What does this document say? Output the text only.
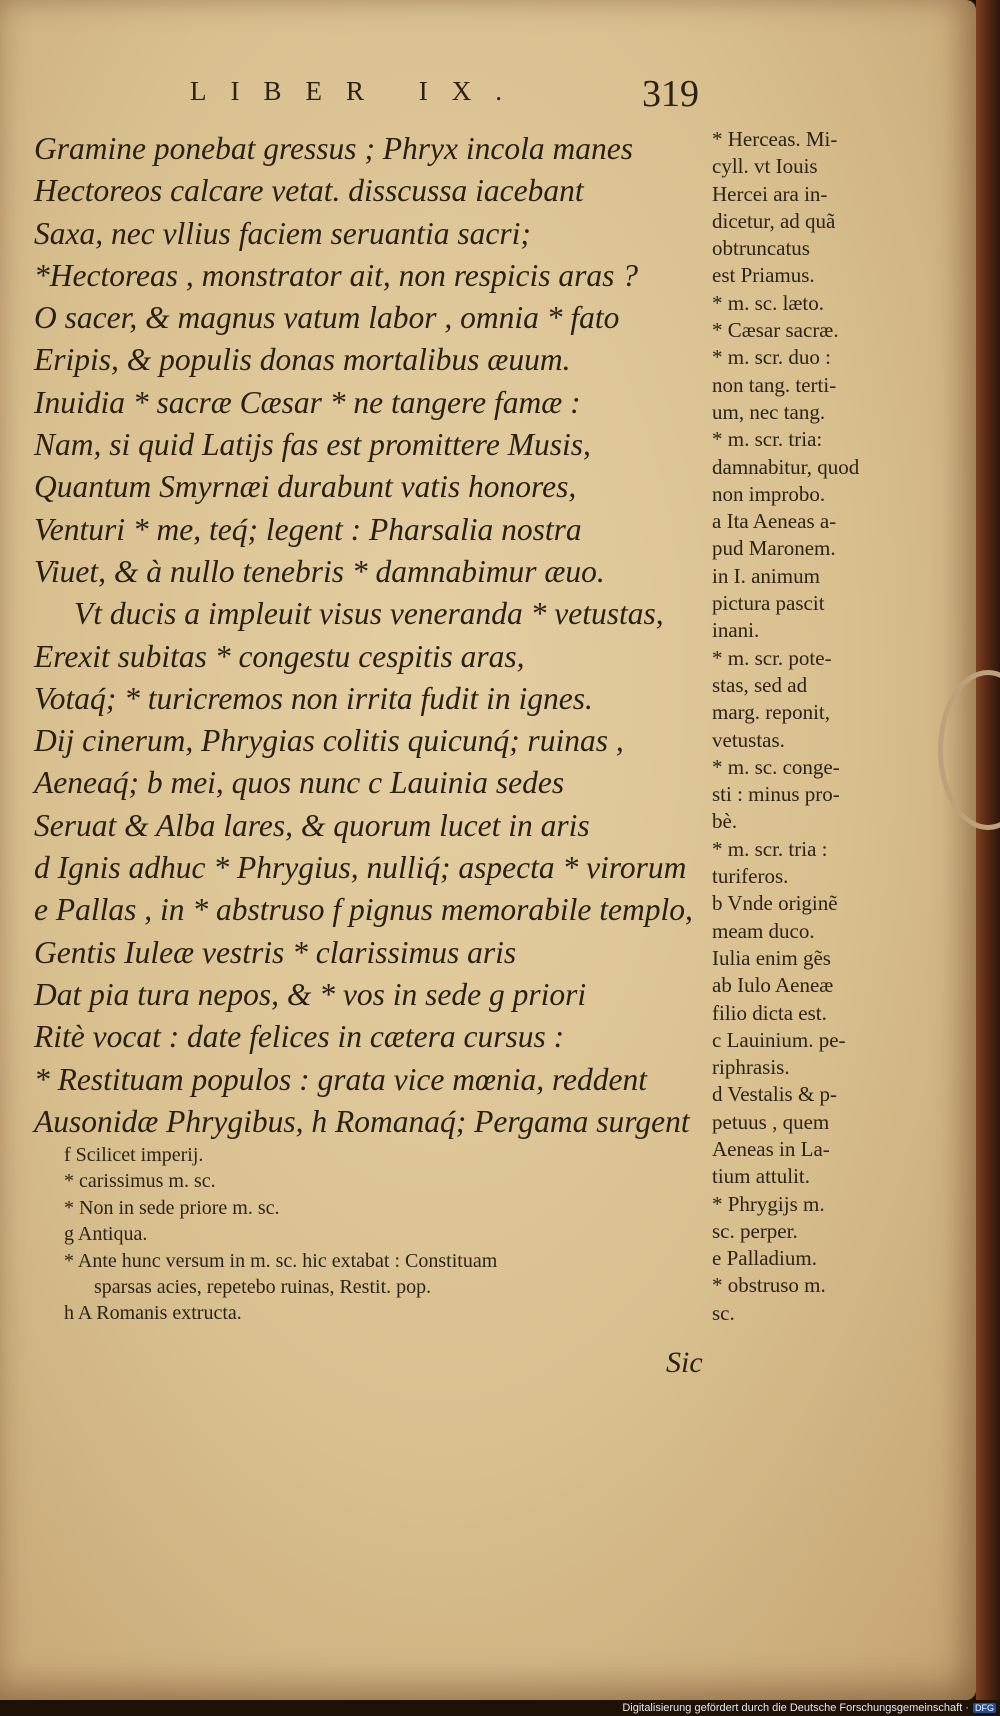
LIBER IX.	319
Gramine ponebat gressus ; Phryx incola manes
Hectoreos calcare vetat. disscussa iacebant
Saxa, nec vllius faciem seruantia sacri;
*Hectoreas , monstrator ait, non respicis aras ?
O sacer, & magnus vatum labor , omnia * fato
Eripis, & populis donas mortalibus æuum.
Inuidia * sacræ Cæsar * ne tangere famæ :
Nam, si quid Latijs fas est promittere Musis,
Quantum Smyrnæi durabunt vatis honores,
Venturi * me, teq́; legent : Pharsalia nostra
Viuet, & à nullo tenebris * damnabimur æuo.
Vt ducis a impleuit visus veneranda * vetustas,
Erexit subitas * congestu cespitis aras,
Votaq́; * turicremos non irrita fudit in ignes.
Dij cinerum, Phrygias colitis quicunq́; ruinas ,
Aeneaq́; b mei, quos nunc c Lauinia sedes
Seruat & Alba lares, & quorum lucet in aris
d Ignis adhuc * Phrygius, nulliq́; aspecta * virorum
e Pallas , in * abstruso f pignus memorabile templo,
Gentis Iuleæ vestris * clarissimus aris
Dat pia tura nepos, & * vos in sede g priori
Ritè vocat : date felices in cætera cursus :
* Restituam populos : grata vice mœnia, reddent
Ausonidæ Phrygibus, h Romanaq́; Pergama surgent
f Scilicet imperij.
* carissimus m. sc.
* Non in sede priore m. sc.
g Antiqua.
* Ante hunc versum in m. sc. hic extabat : Constituam
sparsas acies, repetebo ruinas, Restit. pop.
h A Romanis extructa.
Sic
* Herceas. Mi-
cyll. vt Iouis
Hercei ara in-
dicetur, ad quã
obtruncatus
est Priamus.
* m. sc. læto.
* Cæsar sacræ.
* m. scr. duo :
non tang. terti-
um, nec tang.
* m. scr. tria:
damnabitur, quod
non improbo.
a Ita Aeneas a-
pud Maronem.
in I. animum
pictura pascit
inani.
* m. scr. pote-
stas, sed ad
marg. reponit,
vetustas.
* m. sc. conge-
sti : minus pro-
bè.
* m. scr. tria :
turiferos.
b Vnde originẽ
meam duco.
Iulia enim gẽs
ab Iulo Aeneæ
filio dicta est.
c Lauinium. pe-
riphrasis.
d Vestalis & p-
petuus , quem
Aeneas in La-
tium attulit.
* Phrygijs m.
sc. perper.
e Palladium.
* obstruso m.
sc.
Digitalisierung gefördert durch die Deutsche Forschungsgemeinschaft · DFG
